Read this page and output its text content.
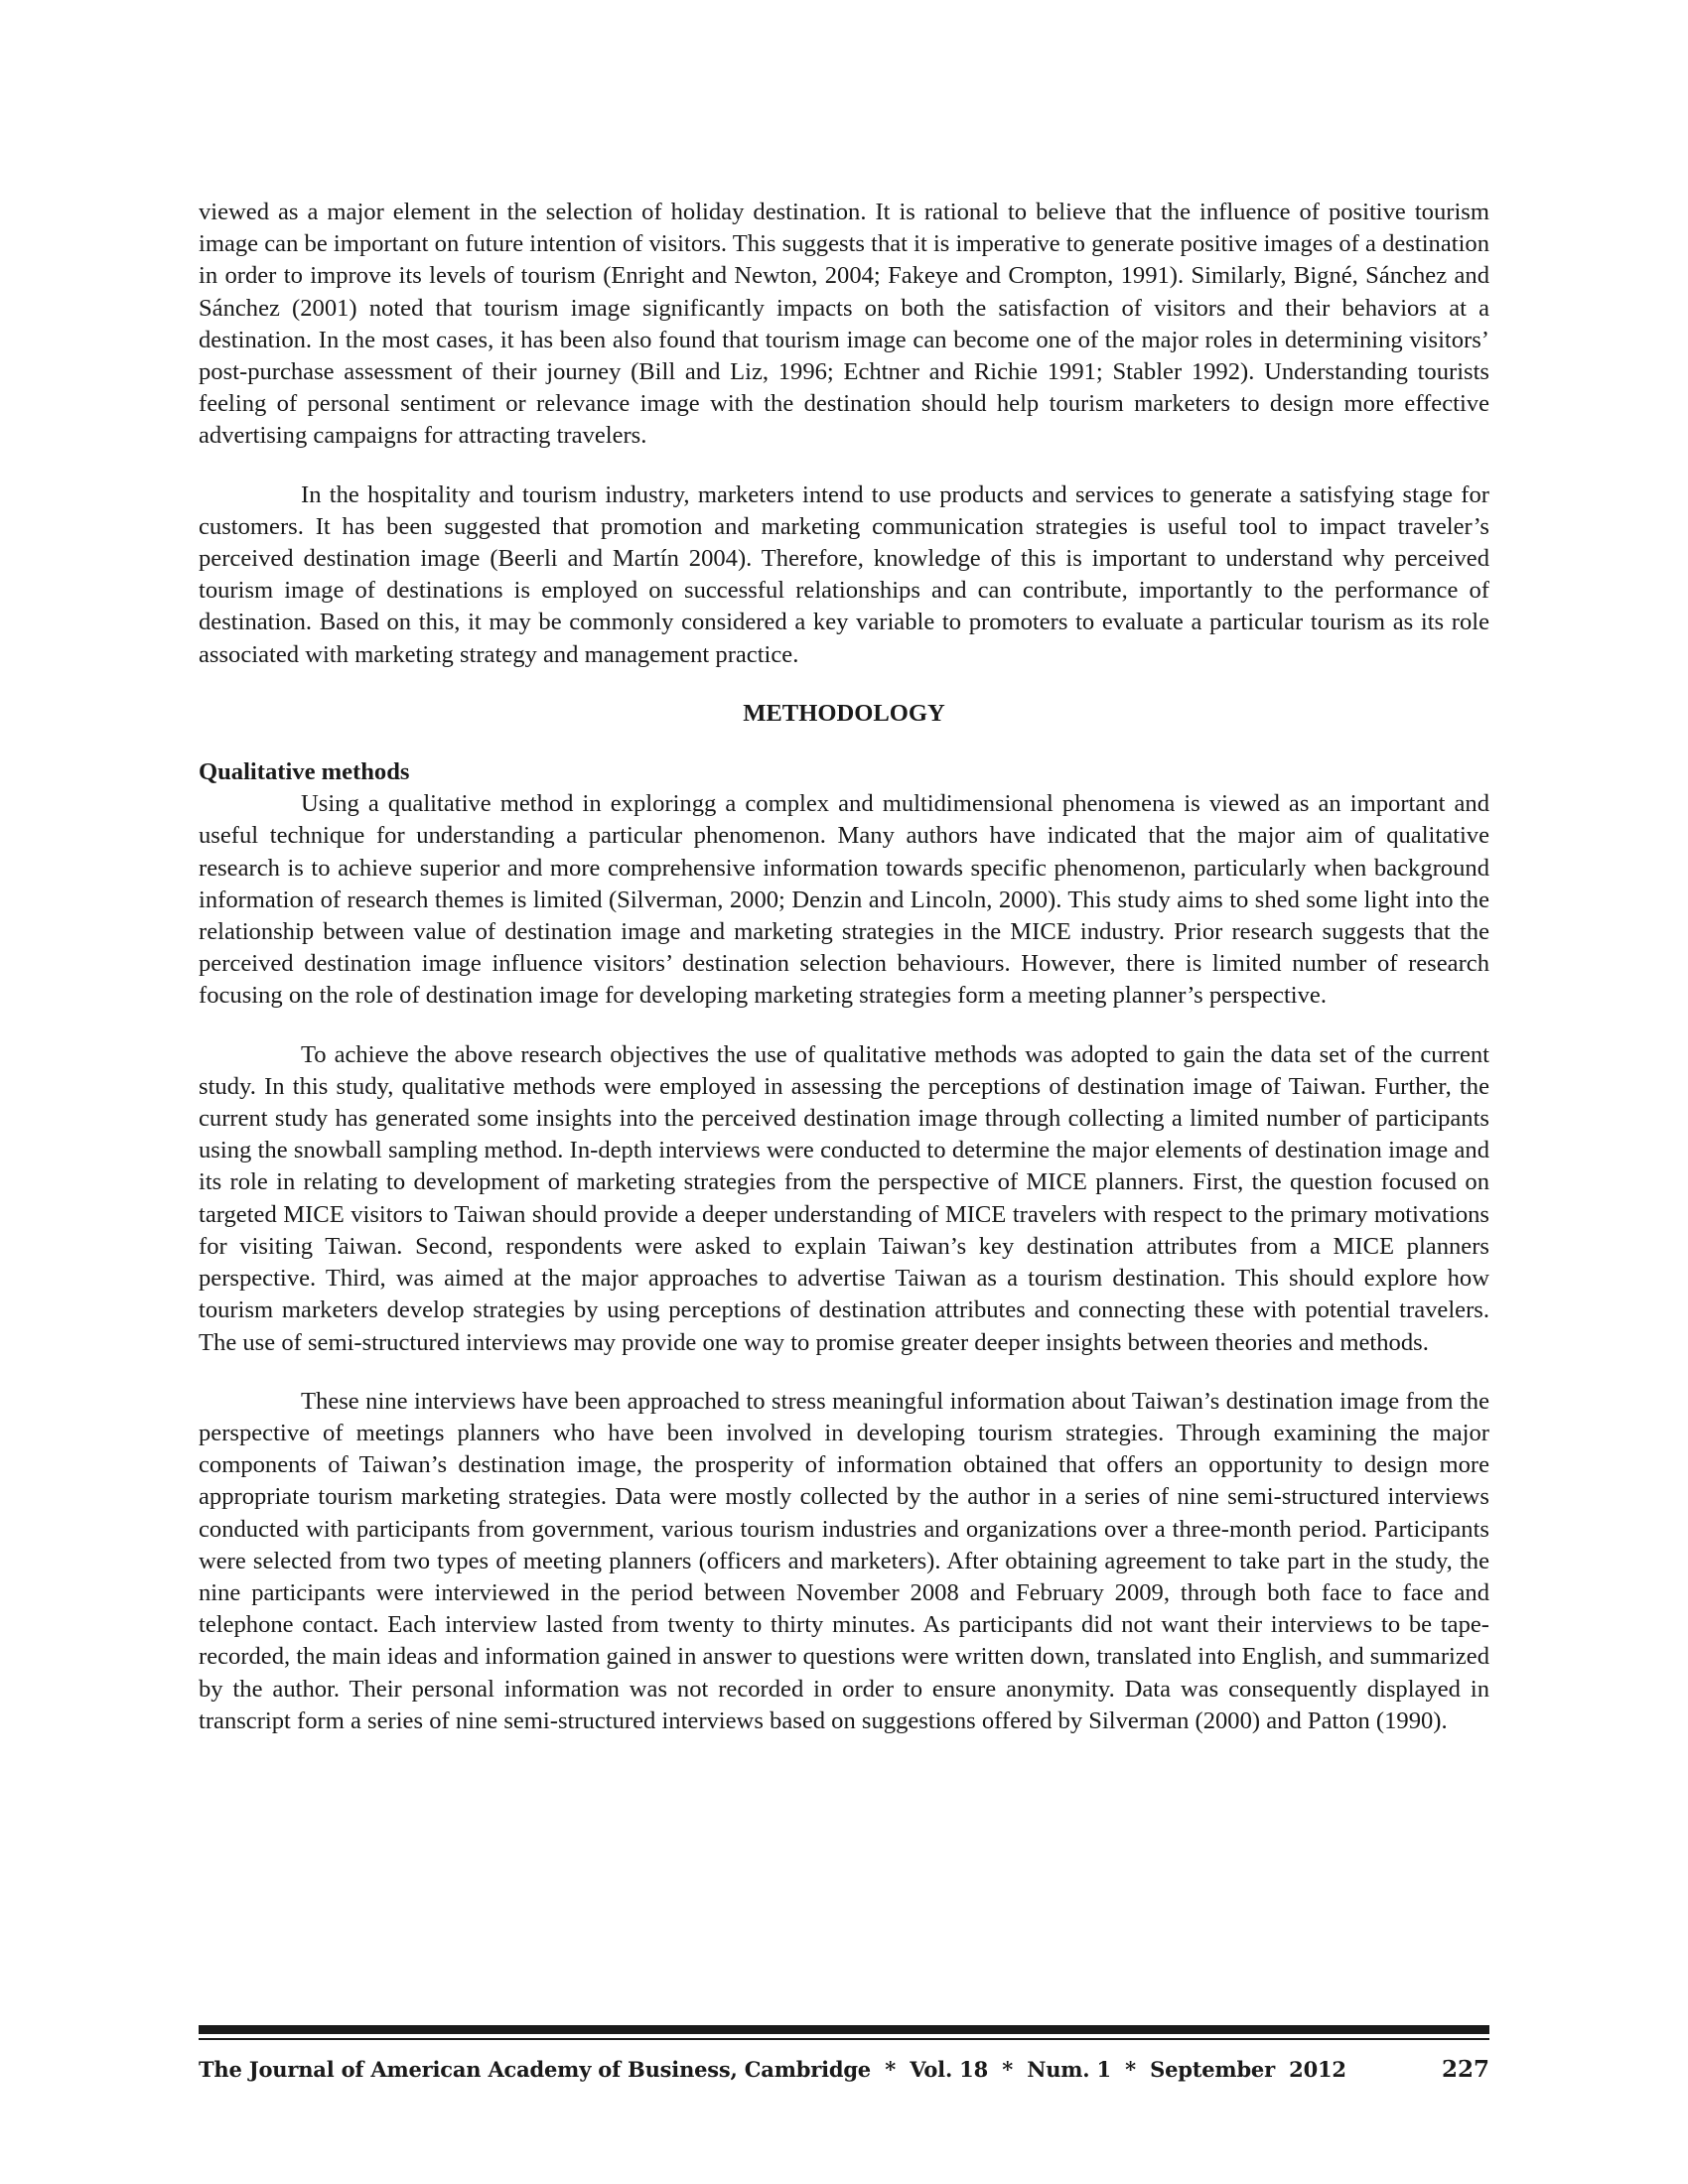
viewed as a major element in the selection of holiday destination. It is rational to believe that the influence of positive tourism image can be important on future intention of visitors. This suggests that it is imperative to generate positive images of a destination in order to improve its levels of tourism (Enright and Newton, 2004; Fakeye and Crompton, 1991). Similarly, Bigné, Sánchez and Sánchez (2001) noted that tourism image significantly impacts on both the satisfaction of visitors and their behaviors at a destination. In the most cases, it has been also found that tourism image can become one of the major roles in determining visitors’ post-purchase assessment of their journey (Bill and Liz, 1996; Echtner and Richie 1991; Stabler 1992). Understanding tourists feeling of personal sentiment or relevance image with the destination should help tourism marketers to design more effective advertising campaigns for attracting travelers.

In the hospitality and tourism industry, marketers intend to use products and services to generate a satisfying stage for customers. It has been suggested that promotion and marketing communication strategies is useful tool to impact traveler’s perceived destination image (Beerli and Martín 2004). Therefore, knowledge of this is important to understand why perceived tourism image of destinations is employed on successful relationships and can contribute, importantly to the performance of destination. Based on this, it may be commonly considered a key variable to promoters to evaluate a particular tourism as its role associated with marketing strategy and management practice.

METHODOLOGY
Qualitative methods

Using a qualitative method in exploringg a complex and multidimensional phenomena is viewed as an important and useful technique for understanding a particular phenomenon. Many authors have indicated that the major aim of qualitative research is to achieve superior and more comprehensive information towards specific phenomenon, particularly when background information of research themes is limited (Silverman, 2000; Denzin and Lincoln, 2000). This study aims to shed some light into the relationship between value of destination image and marketing strategies in the MICE industry. Prior research suggests that the perceived destination image influence visitors’ destination selection behaviours. However, there is limited number of research focusing on the role of destination image for developing marketing strategies form a meeting planner’s perspective.

To achieve the above research objectives the use of qualitative methods was adopted to gain the data set of the current study. In this study, qualitative methods were employed in assessing the perceptions of destination image of Taiwan. Further, the current study has generated some insights into the perceived destination image through collecting a limited number of participants using the snowball sampling method. In-depth interviews were conducted to determine the major elements of destination image and its role in relating to development of marketing strategies from the perspective of MICE planners. First, the question focused on targeted MICE visitors to Taiwan should provide a deeper understanding of MICE travelers with respect to the primary motivations for visiting Taiwan. Second, respondents were asked to explain Taiwan’s key destination attributes from a MICE planners perspective. Third, was aimed at the major approaches to advertise Taiwan as a tourism destination. This should explore how tourism marketers develop strategies by using perceptions of destination attributes and connecting these with potential travelers. The use of semi-structured interviews may provide one way to promise greater deeper insights between theories and methods.

These nine interviews have been approached to stress meaningful information about Taiwan’s destination image from the perspective of meetings planners who have been involved in developing tourism strategies. Through examining the major components of Taiwan’s destination image, the prosperity of information obtained that offers an opportunity to design more appropriate tourism marketing strategies. Data were mostly collected by the author in a series of nine semi-structured interviews conducted with participants from government, various tourism industries and organizations over a three-month period. Participants were selected from two types of meeting planners (officers and marketers). After obtaining agreement to take part in the study, the nine participants were interviewed in the period between November 2008 and February 2009, through both face to face and telephone contact. Each interview lasted from twenty to thirty minutes. As participants did not want their interviews to be tape-recorded, the main ideas and information gained in answer to questions were written down, translated into English, and summarized by the author. Their personal information was not recorded in order to ensure anonymity. Data was consequently displayed in transcript form a series of nine semi-structured interviews based on suggestions offered by Silverman (2000) and Patton (1990).

The Journal of American Academy of Business, Cambridge  *  Vol. 18  *  Num. 1  *  September  2012	227
